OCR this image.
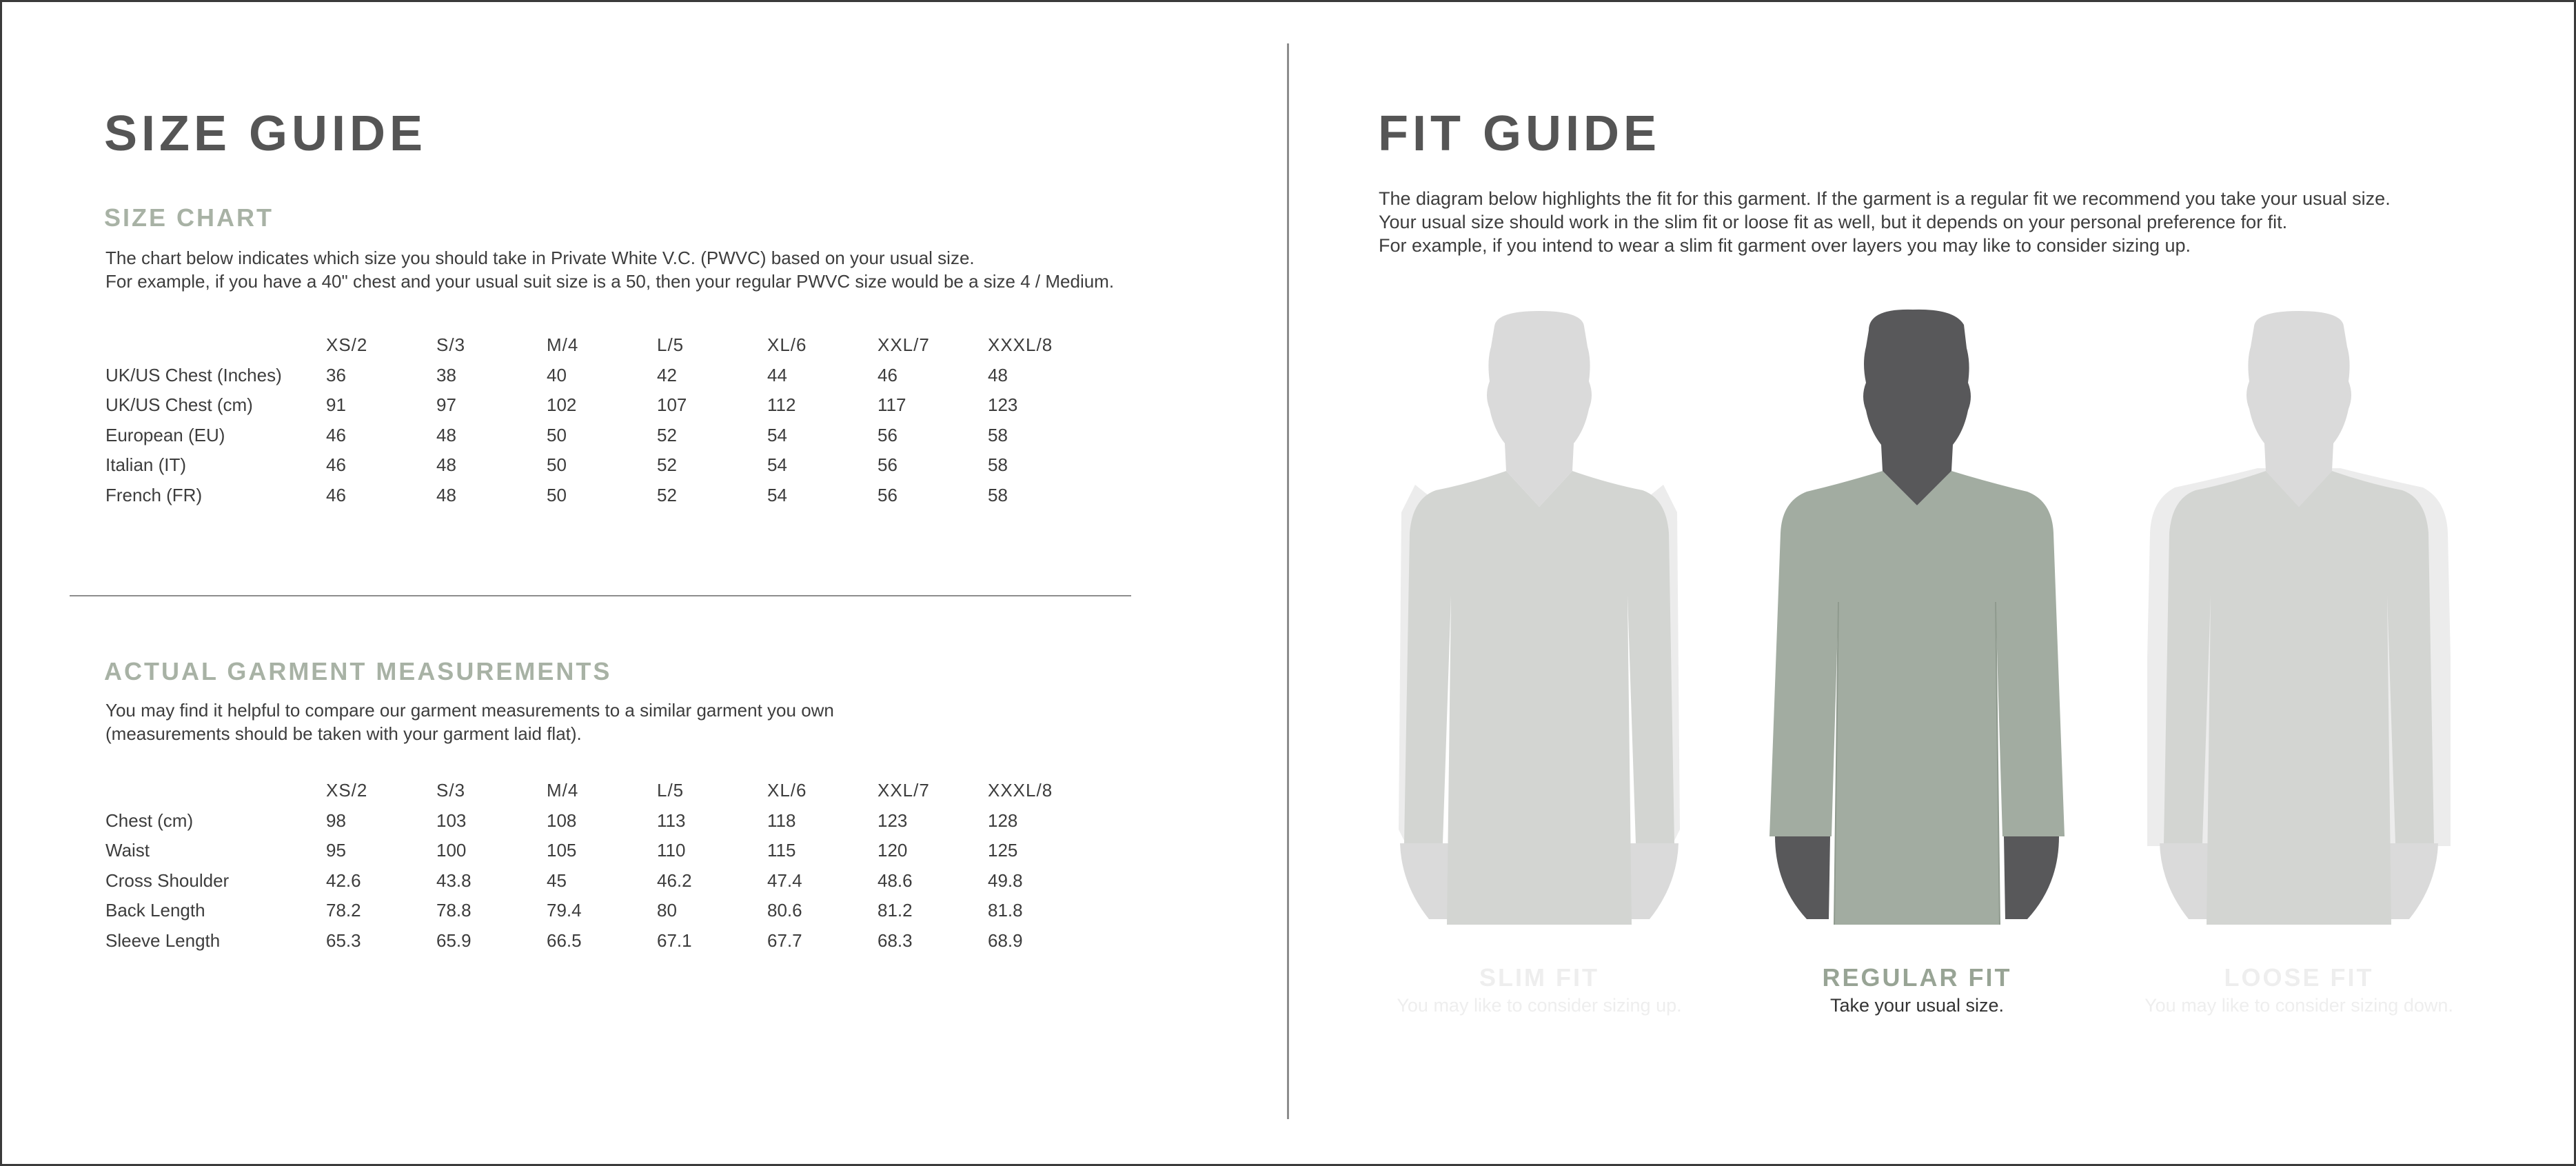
SIZE GUIDE
SIZE CHART
The chart below indicates which size you should take in Private White V.C. (PWVC) based on your usual size.
For example, if you have a 40" chest and your usual suit size is a 50, then your regular PWVC size would be a size 4 / Medium.
	XS/2	S/3	M/4	L/5	XL/6	XXL/7	XXXL/8
UK/US Chest (Inches)	36	38	40	42	44	46	48
UK/US Chest (cm)	91	97	102	107	112	117	123
European (EU)	46	48	50	52	54	56	58
Italian (IT)	46	48	50	52	54	56	58
French (FR)	46	48	50	52	54	56	58
ACTUAL GARMENT MEASUREMENTS
You may find it helpful to compare our garment measurements to a similar garment you own
(measurements should be taken with your garment laid flat).
	XS/2	S/3	M/4	L/5	XL/6	XXL/7	XXXL/8
Chest (cm)	98	103	108	113	118	123	128
Waist	95	100	105	110	115	120	125
Cross Shoulder	42.6	43.8	45	46.2	47.4	48.6	49.8
Back Length	78.2	78.8	79.4	80	80.6	81.2	81.8
Sleeve Length	65.3	65.9	66.5	67.1	67.7	68.3	68.9
FIT GUIDE
The diagram below highlights the fit for this garment. If the garment is a regular fit we recommend you take your usual size.
Your usual size should work in the slim fit or loose fit as well, but it depends on your personal preference for fit.
For example, if you intend to wear a slim fit garment over layers you may like to consider sizing up.
SLIM FIT
You may like to consider sizing up.
REGULAR FIT
Take your usual size.
LOOSE FIT
You may like to consider sizing down.
